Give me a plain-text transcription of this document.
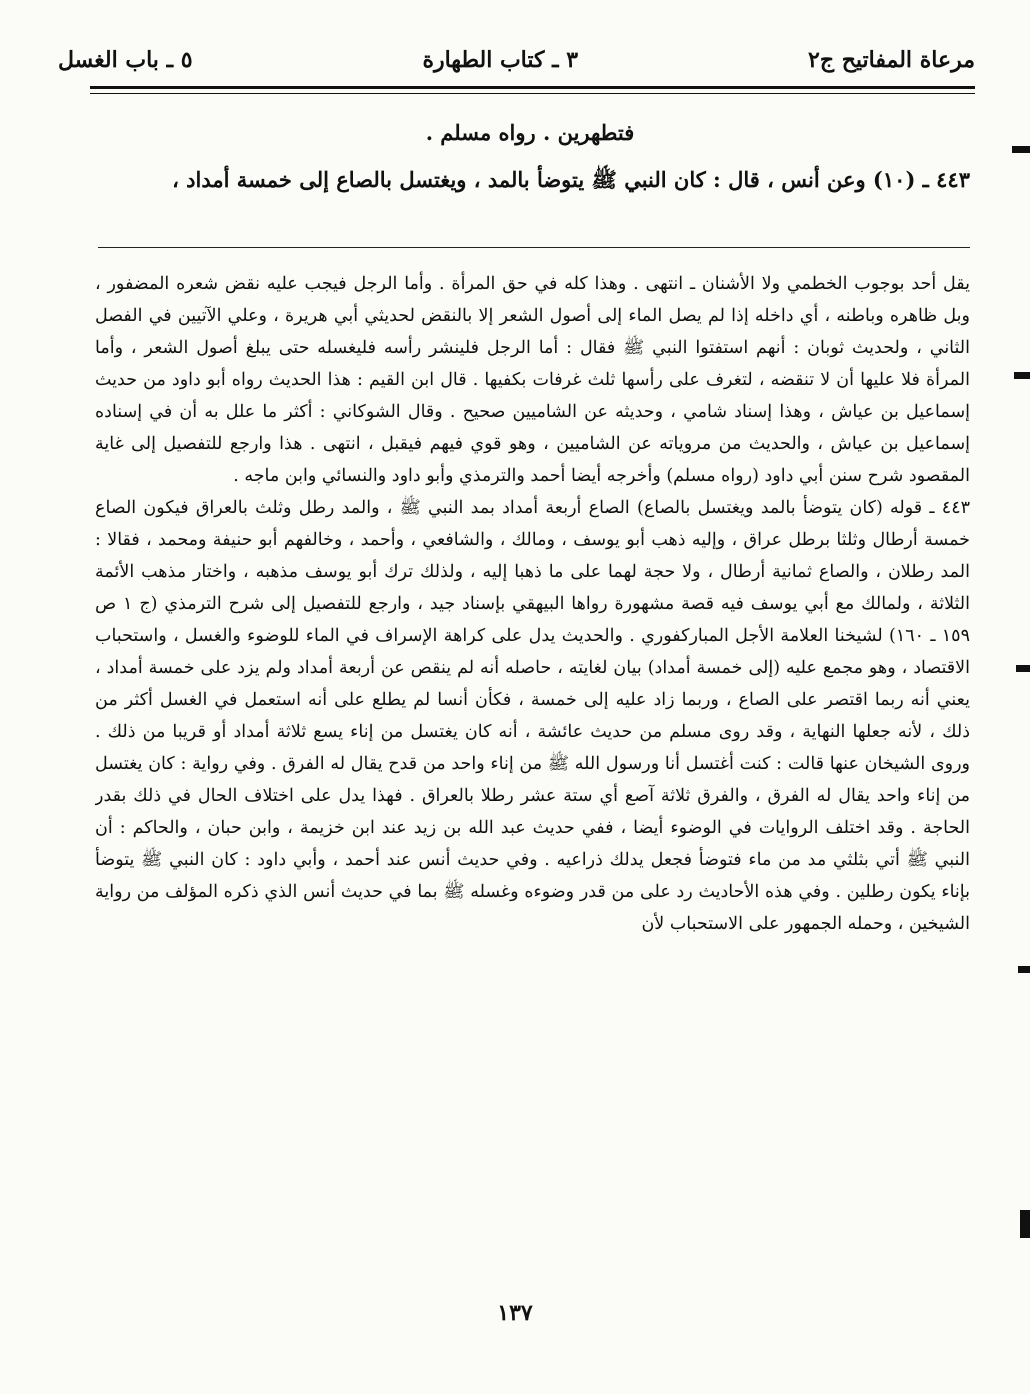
مرعاة المفاتيح ج٢
٣ ـ كتاب الطهارة
٥ ـ باب الغسل

فتطهرين . رواه مسلم .

٤٤٣ ـ (١٠) وعن أنس ، قال : كان النبي ﷺ يتوضأ بالمد ، ويغتسل بالصاع إلى خمسة أمداد ،

يقل أحد بوجوب الخطمي ولا الأشنان ـ انتهى . وهذا كله في حق المرأة . وأما الرجل فيجب عليه نقض شعره المضفور ، وبل ظاهره وباطنه ، أي داخله إذا لم يصل الماء إلى أصول الشعر إلا بالنقض لحديثي أبي هريرة ، وعلي الآتيين في الفصل الثاني ، ولحديث ثوبان : أنهم استفتوا النبي ﷺ فقال : أما الرجل فلينشر رأسه فليغسله حتى يبلغ أصول الشعر ، وأما المرأة فلا عليها أن لا تنقضه ، لتغرف على رأسها ثلث غرفات بكفيها . قال ابن القيم : هذا الحديث رواه أبو داود من حديث إسماعيل بن عياش ، وهذا إسناد شامي ، وحديثه عن الشاميين صحيح . وقال الشوكاني : أكثر ما علل به أن في إسناده إسماعيل بن عياش ، والحديث من مروياته عن الشاميين ، وهو قوي فيهم فيقبل ، انتهى . هذا وارجع للتفصيل إلى غاية المقصود شرح سنن أبي داود (رواه مسلم) وأخرجه أيضا أحمد والترمذي وأبو داود والنسائي وابن ماجه .

٤٤٣ ـ قوله (كان يتوضأ بالمد ويغتسل بالصاع) الصاع أربعة أمداد بمد النبي ﷺ ، والمد رطل وثلث بالعراق فيكون الصاع خمسة أرطال وثلثا برطل عراق ، وإليه ذهب أبو يوسف ، ومالك ، والشافعي ، وأحمد ، وخالفهم أبو حنيفة ومحمد ، فقالا : المد رطلان ، والصاع ثمانية أرطال ، ولا حجة لهما على ما ذهبا إليه ، ولذلك ترك أبو يوسف مذهبه ، واختار مذهب الأئمة الثلاثة ، ولمالك مع أبي يوسف فيه قصة مشهورة رواها البيهقي بإسناد جيد ، وارجع للتفصيل إلى شرح الترمذي (ج ١ ص ١٥٩ ـ ١٦٠) لشيخنا العلامة الأجل المباركفوري . والحديث يدل على كراهة الإسراف في الماء للوضوء والغسل ، واستحباب الاقتصاد ، وهو مجمع عليه (إلى خمسة أمداد) بيان لغايته ، حاصله أنه لم ينقص عن أربعة أمداد ولم يزد على خمسة أمداد ، يعني أنه ربما اقتصر على الصاع ، وربما زاد عليه إلى خمسة ، فكأن أنسا لم يطلع على أنه استعمل في الغسل أكثر من ذلك ، لأنه جعلها النهاية ، وقد روى مسلم من حديث عائشة ، أنه كان يغتسل من إناء يسع ثلاثة أمداد أو قريبا من ذلك . وروى الشيخان عنها قالت : كنت أغتسل أنا ورسول الله ﷺ من إناء واحد من قدح يقال له الفرق . وفي رواية : كان يغتسل من إناء واحد يقال له الفرق ، والفرق ثلاثة آصع أي ستة عشر رطلا بالعراق . فهذا يدل على اختلاف الحال في ذلك بقدر الحاجة . وقد اختلف الروايات في الوضوء أيضا ، ففي حديث عبد الله بن زيد عند ابن خزيمة ، وابن حبان ، والحاكم : أن النبي ﷺ أتي بثلثي مد من ماء فتوضأ فجعل يدلك ذراعيه . وفي حديث أنس عند أحمد ، وأبي داود : كان النبي ﷺ يتوضأ بإناء يكون رطلين . وفي هذه الأحاديث رد على من قدر وضوءه وغسله ﷺ بما في حديث أنس الذي ذكره المؤلف من رواية الشيخين ، وحمله الجمهور على الاستحباب لأن

١٣٧
